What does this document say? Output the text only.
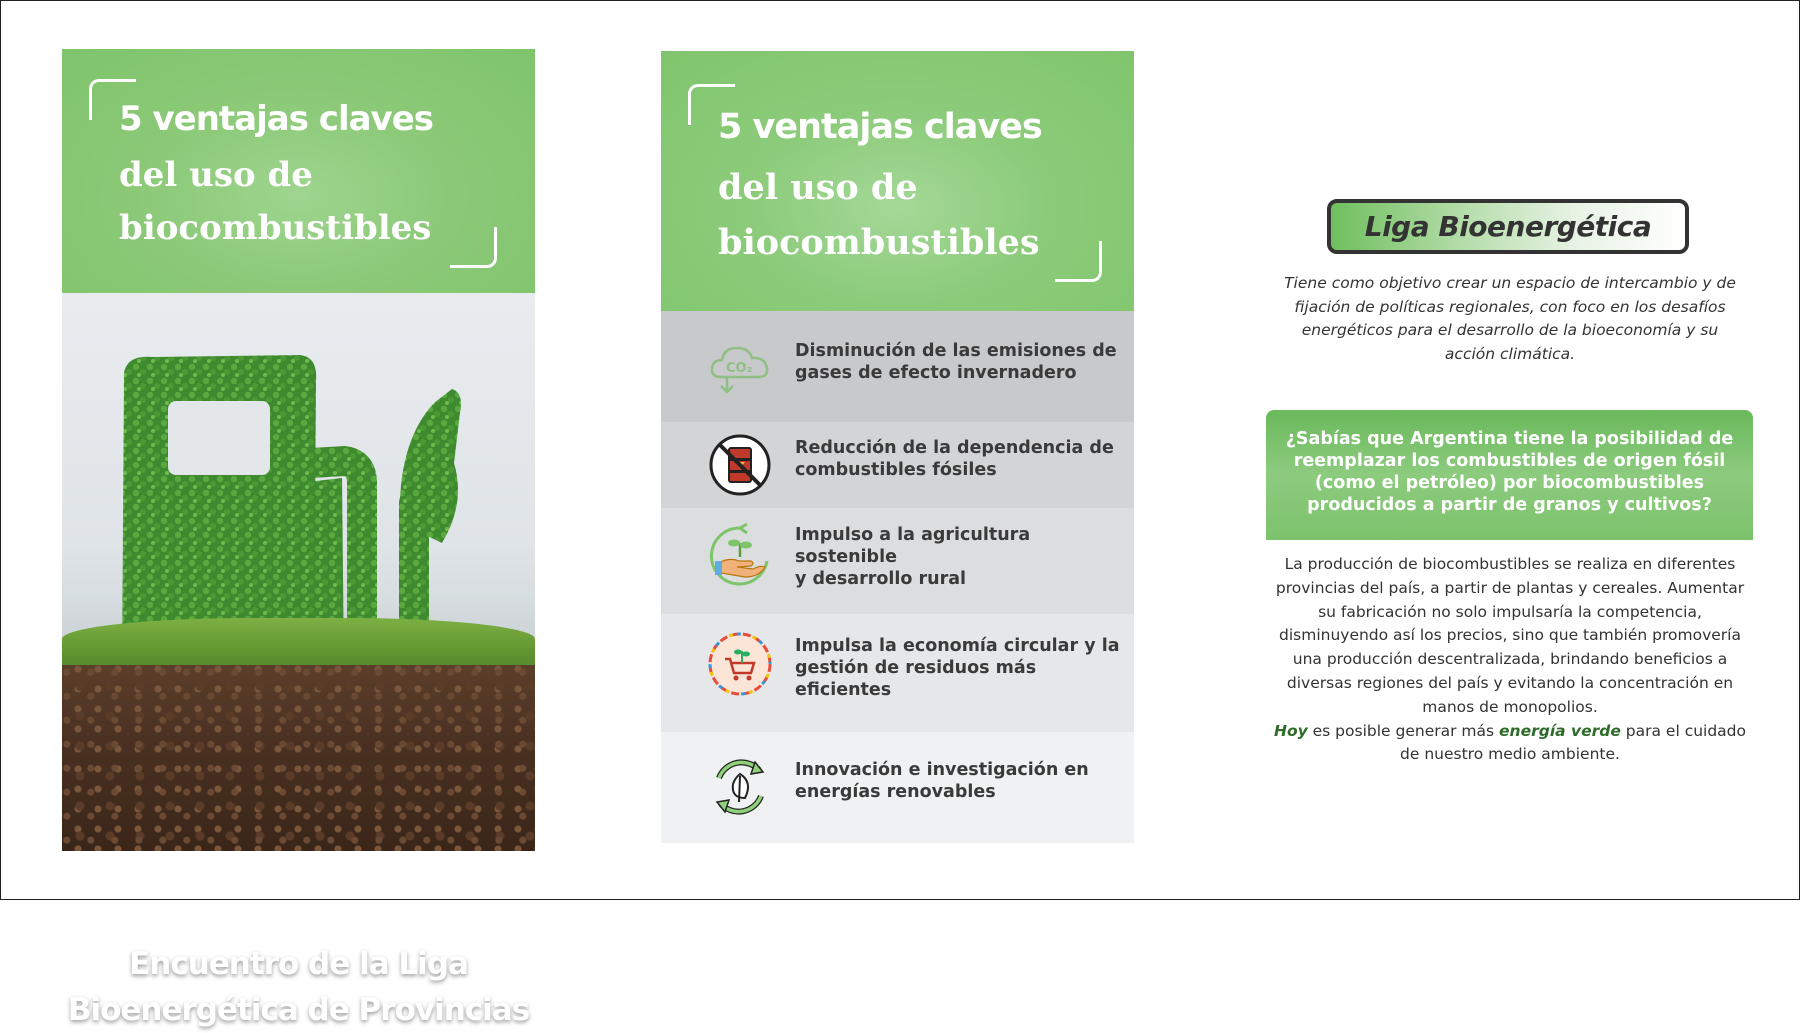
5 ventajas claves
del uso de
biocombustibles
Encuentro de la Liga
Bioenergética de Provincias
5 ventajas claves
del uso de
biocombustibles
CO₂
Disminución de las emisiones de
gases de efecto invernadero
Reducción de la dependencia de
combustibles fósiles
Impulso a la agricultura sostenible
y desarrollo rural
Impulsa la economía circular y la
gestión de residuos más eficientes
Innovación e investigación en
energías renovables
Liga Bioenergética
Tiene como objetivo crear un espacio de intercambio y de fijación de políticas regionales, con foco en los desafíos energéticos para el desarrollo de la bioeconomía y su acción climática.
¿Sabías que Argentina tiene la posibilidad de reemplazar los combustibles de origen fósil (como el petróleo) por biocombustibles producidos a partir de granos y cultivos?
La producción de biocombustibles se realiza en diferentes provincias del país, a partir de plantas y cereales. Aumentar su fabricación no solo impulsaría la competencia, disminuyendo así los precios, sino que también promovería una producción descentralizada, brindando beneficios a diversas regiones del país y evitando la concentración en manos de monopolios.
Hoy es posible generar más energía verde para el cuidado de nuestro medio ambiente.
